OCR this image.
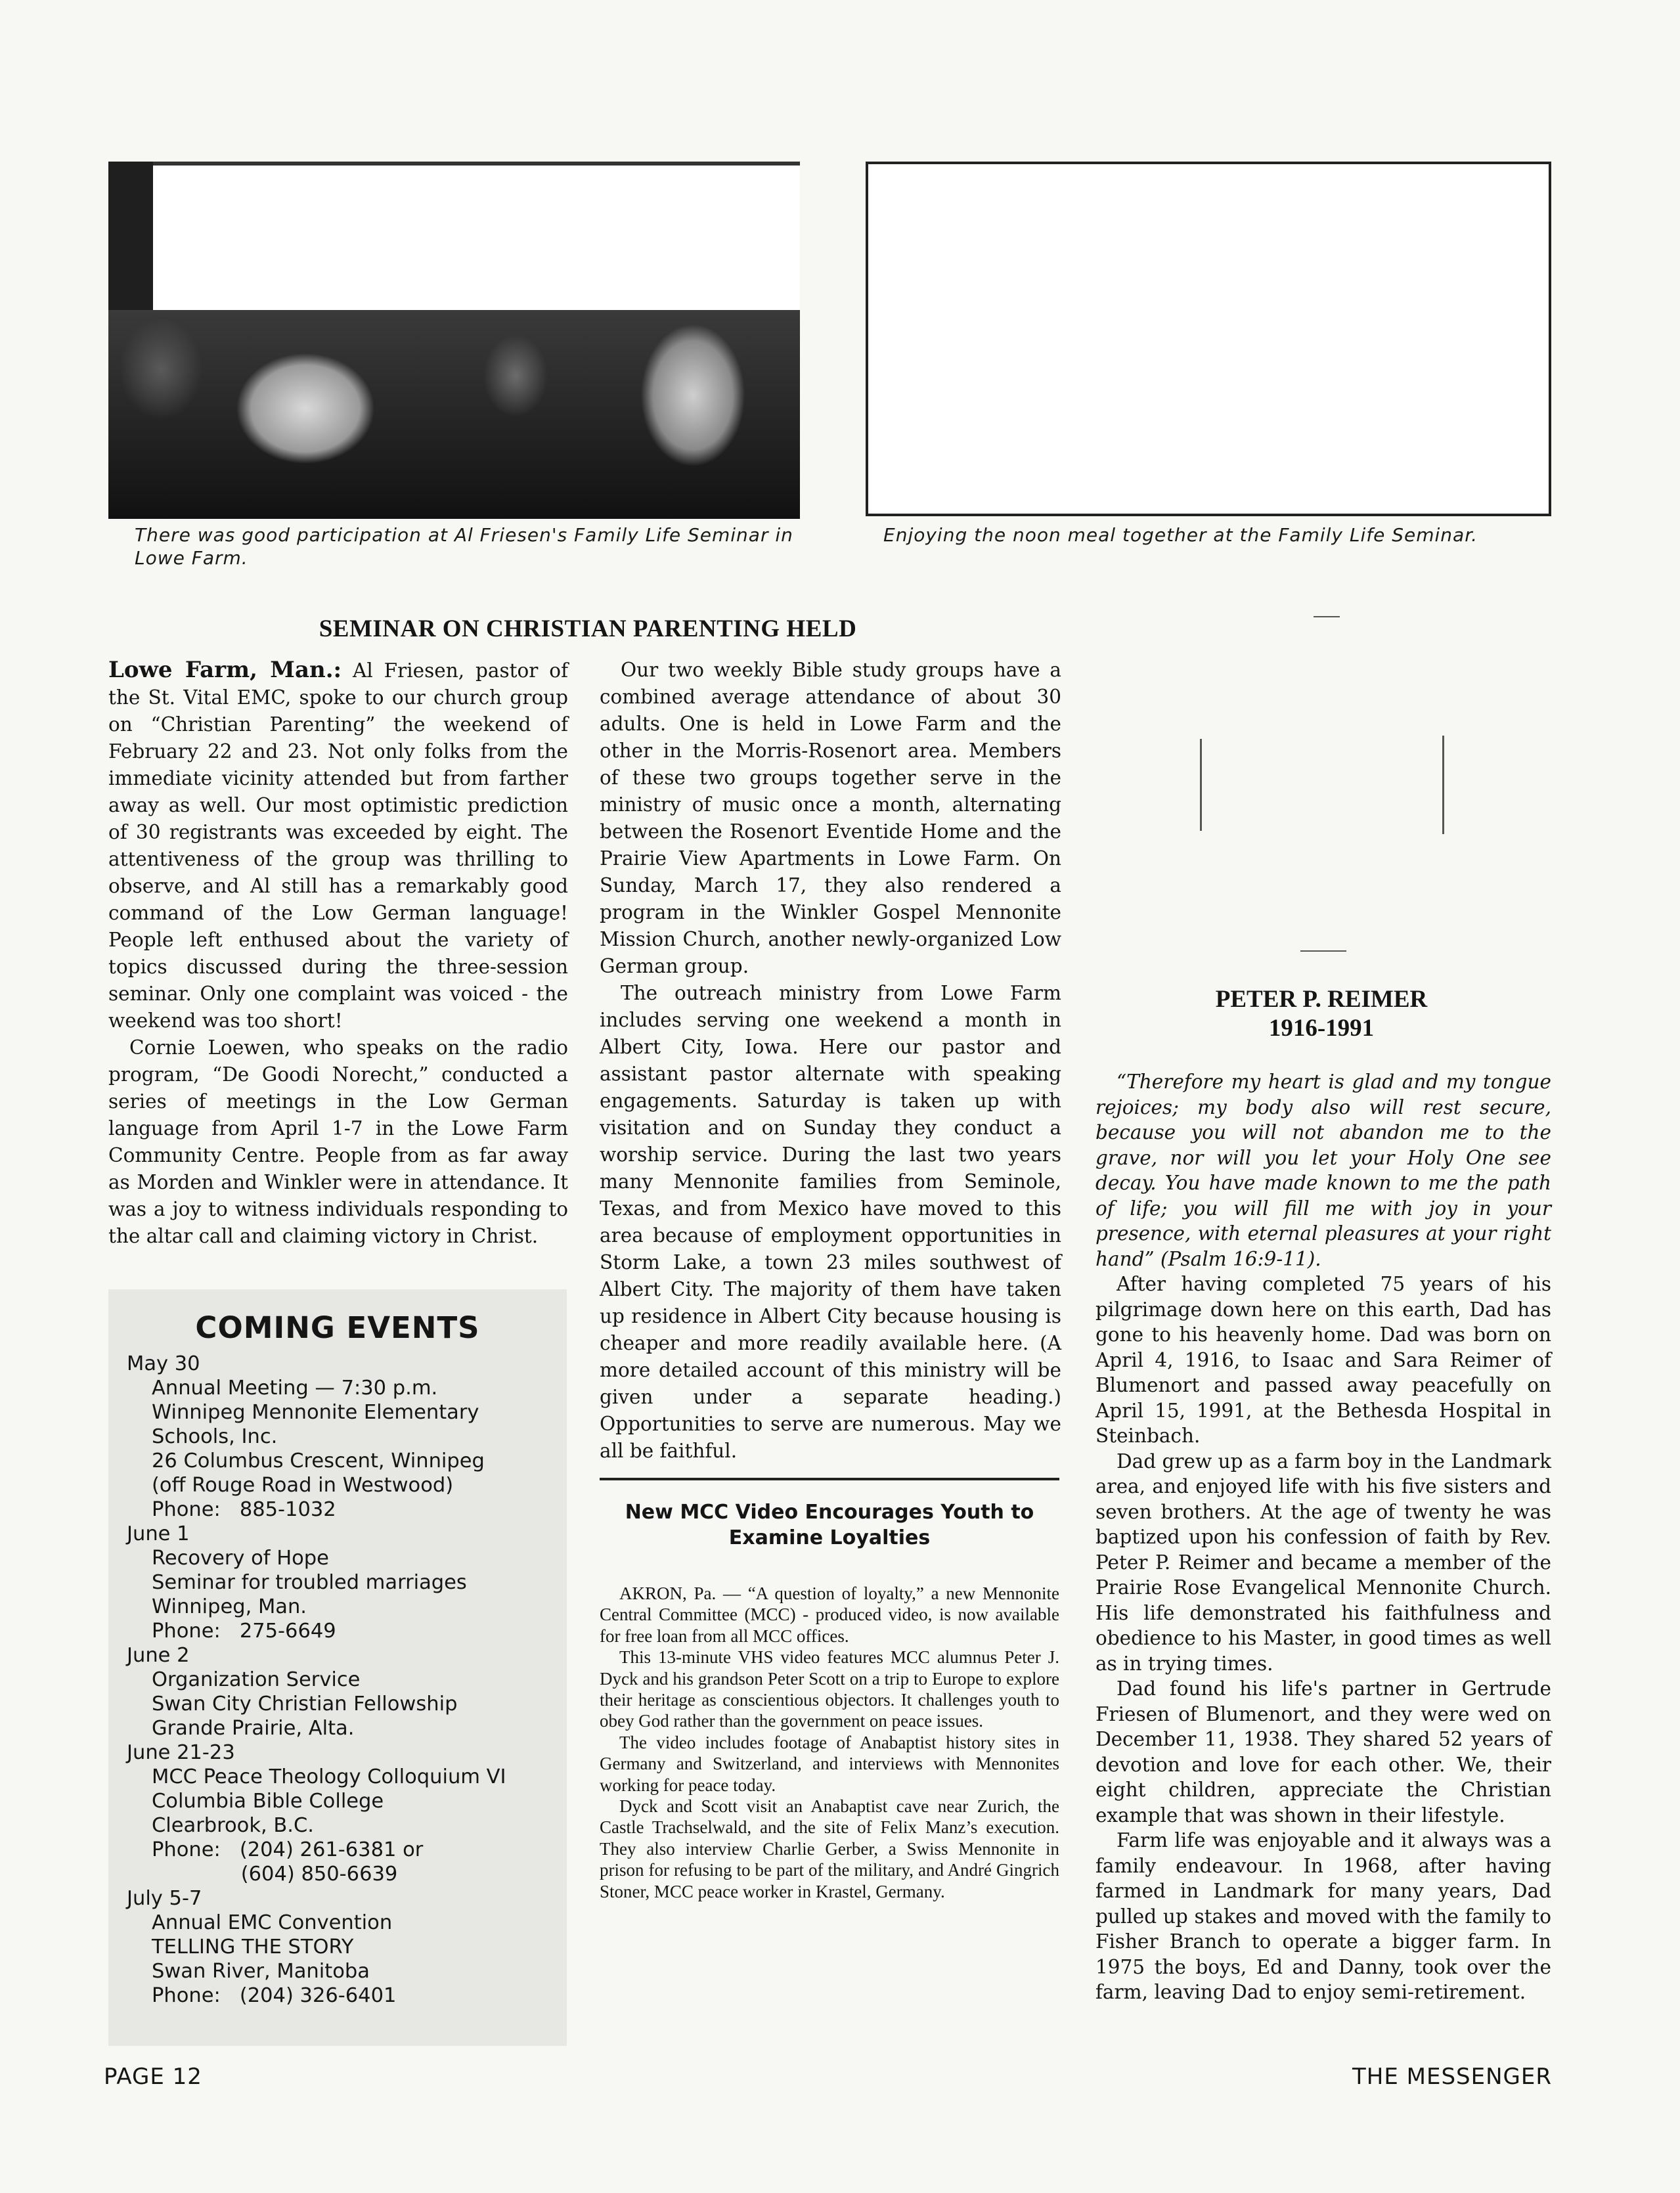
There was good participation at Al Friesen's Family Life Seminar in Lowe Farm.
Enjoying the noon meal together at the Family Life Seminar.
SEMINAR ON CHRISTIAN PARENTING HELD

Lowe Farm, Man.: Al Friesen, pastor of the St. Vital EMC, spoke to our church group on “Christian Parenting” the weekend of February 22 and 23. Not only folks from the immediate vicinity attended but from farther away as well. Our most optimistic prediction of 30 registrants was exceeded by eight. The attentiveness of the group was thrilling to observe, and Al still has a remarkably good command of the Low German language! People left enthused about the variety of topics discussed during the three-session seminar. Only one complaint was voiced - the weekend was too short!

Cornie Loewen, who speaks on the radio program, “De Goodi Norecht,” conducted a series of meetings in the Low German language from April 1-7 in the Lowe Farm Community Centre. People from as far away as Morden and Winkler were in attendance. It was a joy to witness individuals responding to the altar call and claiming victory in Christ.

Our two weekly Bible study groups have a combined average attendance of about 30 adults. One is held in Lowe Farm and the other in the Morris-Rosenort area. Members of these two groups together serve in the ministry of music once a month, alternating between the Rosenort Eventide Home and the Prairie View Apartments in Lowe Farm. On Sunday, March 17, they also rendered a program in the Winkler Gospel Mennonite Mission Church, another newly-organized Low German group.

The outreach ministry from Lowe Farm includes serving one weekend a month in Albert City, Iowa. Here our pastor and assistant pastor alternate with speaking engagements. Saturday is taken up with visitation and on Sunday they conduct a worship service. During the last two years many Mennonite families from Seminole, Texas, and from Mexico have moved to this area because of employment opportunities in Storm Lake, a town 23 miles southwest of Albert City. The majority of them have taken up residence in Albert City because housing is cheaper and more readily available here. (A more detailed account of this ministry will be given under a separate heading.) Opportunities to serve are numerous. May we all be faithful.

COMING EVENTS
May 30
Annual Meeting — 7:30 p.m.
Winnipeg Mennonite Elementary
Schools, Inc.
26 Columbus Crescent, Winnipeg
(off Rouge Road in Westwood)
Phone:   885-1032
June 1
Recovery of Hope
Seminar for troubled marriages
Winnipeg, Man.
Phone:   275-6649
June 2
Organization Service
Swan City Christian Fellowship
Grande Prairie, Alta.
June 21-23
MCC Peace Theology Colloquium VI
Columbia Bible College
Clearbrook, B.C.
Phone:   (204) 261-6381 or
(604) 850-6639
July 5-7
Annual EMC Convention
TELLING THE STORY
Swan River, Manitoba
Phone:   (204) 326-6401
New MCC Video Encourages Youth to Examine Loyalties

AKRON, Pa. — “A question of loyalty,” a new Mennonite Central Committee (MCC) - produced video, is now available for free loan from all MCC offices.

This 13-minute VHS video features MCC alumnus Peter J. Dyck and his grandson Peter Scott on a trip to Europe to explore their heritage as conscientious objectors. It challenges youth to obey God rather than the government on peace issues.

The video includes footage of Anabaptist history sites in Germany and Switzerland, and interviews with Mennonites working for peace today.

Dyck and Scott visit an Anabaptist cave near Zurich, the Castle Trachselwald, and the site of Felix Manz’s execution. They also interview Charlie Gerber, a Swiss Mennonite in prison for refusing to be part of the military, and André Gingrich Stoner, MCC peace worker in Krastel, Germany.

PETER P. REIMER
1916-1991

“Therefore my heart is glad and my tongue rejoices; my body also will rest secure, because you will not abandon me to the grave, nor will you let your Holy One see decay. You have made known to me the path of life; you will fill me with joy in your presence, with eternal pleasures at your right hand” (Psalm 16:9-11).

After having completed 75 years of his pilgrimage down here on this earth, Dad has gone to his heavenly home. Dad was born on April 4, 1916, to Isaac and Sara Reimer of Blumenort and passed away peacefully on April 15, 1991, at the Bethesda Hospital in Steinbach.

Dad grew up as a farm boy in the Landmark area, and enjoyed life with his five sisters and seven brothers. At the age of twenty he was baptized upon his confession of faith by Rev. Peter P. Reimer and became a member of the Prairie Rose Evangelical Mennonite Church. His life demonstrated his faithfulness and obedience to his Master, in good times as well as in trying times.

Dad found his life's partner in Gertrude Friesen of Blumenort, and they were wed on December 11, 1938. They shared 52 years of devotion and love for each other. We, their eight children, appreciate the Christian example that was shown in their lifestyle.

Farm life was enjoyable and it always was a family endeavour. In 1968, after having farmed in Landmark for many years, Dad pulled up stakes and moved with the family to Fisher Branch to operate a bigger farm. In 1975 the boys, Ed and Danny, took over the farm, leaving Dad to enjoy semi-retirement.

PAGE 12	THE MESSENGER
